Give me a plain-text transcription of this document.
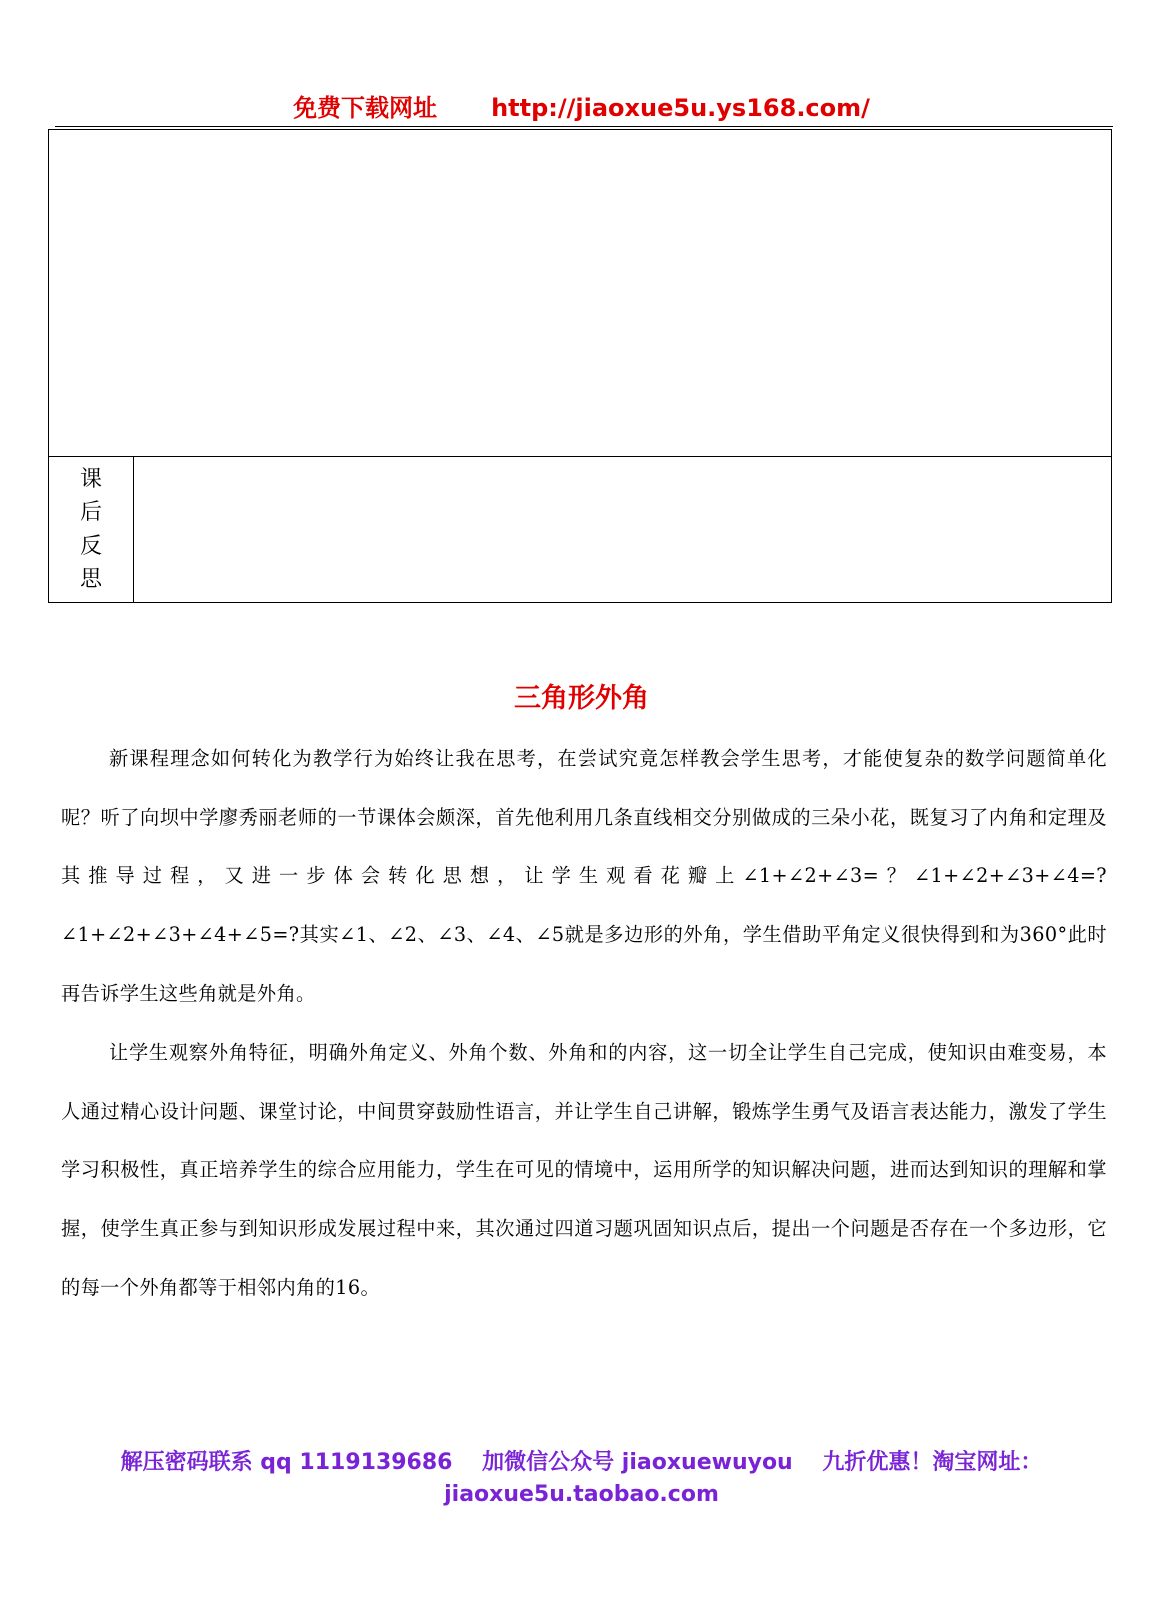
免费下载网址 http://jiaoxue5u.ys168.com/
课
后
反
思
三角形外角

新课程理念如何转化为教学行为始终让我在思考，在尝试究竟怎样教会学生思考，才能使复杂的数学问题简单化呢？听了向坝中学廖秀丽老师的一节课体会颇深，首先他利用几条直线相交分别做成的三朵小花，既复习了内角和定理及其推导过程，又进一步体会转化思想，让学生观看花瓣上∠1+∠2+∠3=？∠1+∠2+∠3+∠4=?∠1+∠2+∠3+∠4+∠5=?其实∠1、∠2、∠3、∠4、∠5就是多边形的外角，学生借助平角定义很快得到和为360°此时再告诉学生这些角就是外角。

让学生观察外角特征，明确外角定义、外角个数、外角和的内容，这一切全让学生自己完成，使知识由难变易，本人通过精心设计问题、课堂讨论，中间贯穿鼓励性语言，并让学生自己讲解，锻炼学生勇气及语言表达能力，激发了学生学习积极性，真正培养学生的综合应用能力，学生在可见的情境中，运用所学的知识解决问题，进而达到知识的理解和掌握，使学生真正参与到知识形成发展过程中来，其次通过四道习题巩固知识点后，提出一个问题是否存在一个多边形，它的每一个外角都等于相邻内角的16。

解压密码联系 qq 1119139686　 加微信公众号 jiaoxuewuyou　 九折优惠！淘宝网址：
jiaoxue5u.taobao.com
